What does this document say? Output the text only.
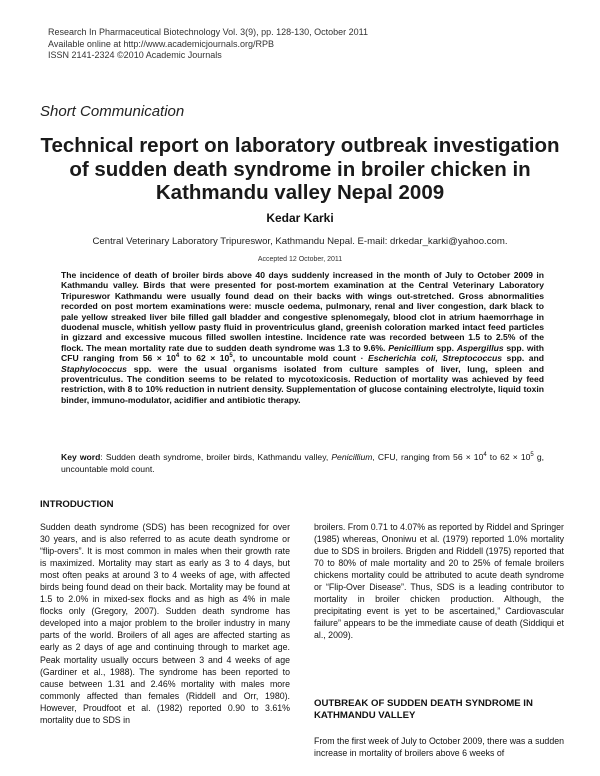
Research In Pharmaceutical Biotechnology Vol. 3(9), pp. 128-130, October 2011
Available online at http://www.academicjournals.org/RPB
ISSN 2141-2324 ©2010 Academic Journals
Short Communication
Technical report on laboratory outbreak investigation of sudden death syndrome in broiler chicken in Kathmandu valley Nepal 2009
Kedar Karki
Central Veterinary Laboratory Tripureswor, Kathmandu Nepal. E-mail: drkedar_karki@yahoo.com.
Accepted 12 October, 2011
The incidence of death of broiler birds above 40 days suddenly increased in the month of July to October 2009 in Kathmandu valley. Birds that were presented for post-mortem examination at the Central Veterinary Laboratory Tripureswor Kathmandu were usually found dead on their backs with wings out-stretched. Gross abnormalities recorded on post mortem examinations were: muscle oedema, pulmonary, renal and liver congestion, dark black to pale yellow streaked liver bile filled gall bladder and congestive splenomegaly, blood clot in atrium haemorrhage in duodenal muscle, whitish yellow pasty fluid in proventriculus gland, greenish coloration marked intact feed particles in gizzard and excessive mucous filled swollen intestine. Incidence rate was recorded between 1.5 to 2.5% of the flock. The mean mortality rate due to sudden death syndrome was 1.3 to 9.6%. Penicillium spp. Aspergillus spp. with CFU ranging from $56 \times 10^4$ to $62 \times 10^5$, to uncountable mold count · Escherichia coli, Streptococcus spp. and Staphylococcus spp. were the usual organisms isolated from culture samples of liver, lung, spleen and proventriculus. The condition seems to be related to mycotoxicosis. Reduction of mortality was achieved by feed restriction, with 8 to 10% reduction in nutrient density. Supplementation of glucose containing electrolyte, liquid toxin binder, immuno-modulator, acidifier and antibiotic therapy.
Key word: Sudden death syndrome, broiler birds, Kathmandu valley, Penicillium, CFU, ranging from $56 \times 10^4$ to $62 \times 10^5$ g, uncountable mold count.
INTRODUCTION
Sudden death syndrome (SDS) has been recognized for over 30 years, and is also referred to as acute death syndrome or “flip-overs”. It is most common in males when their growth rate is maximized. Mortality may start as early as 3 to 4 days, but most often peaks at around 3 to 4 weeks of age, with affected birds being found dead on their back. Mortality may be found at 1.5 to 2.0% in mixed-sex flocks and as high as 4% in male flocks only (Gregory, 2007). Sudden death syndrome has developed into a major problem to the broiler industry in many parts of the world. Broilers of all ages are affected starting as early as 2 days of age and continuing through to market age. Peak mortality usually occurs between 3 and 4 weeks of age (Gardiner et al., 1988). The syndrome has been reported to cause between 1.31 and 2.46% mortality with males more commonly affected than females (Riddell and Orr, 1980). However, Proudfoot et al. (1982) reported 0.90 to 3.61% mortality due to SDS in
broilers. From 0.71 to 4.07% as reported by Riddel and Springer (1985) whereas, Ononiwu et al. (1979) reported 1.0% mortality due to SDS in broilers. Brigden and Riddell (1975) reported that 70 to 80% of male mortality and 20 to 25% of female broilers chickens mortality could be attributed to acute death syndrome or “Flip-Over Disease”. Thus, SDS is a leading contributor to mortality in broiler chicken production. Although, the precipitating event is yet to be ascertained,” Cardiovascular failure” appears to be the immediate cause of death (Siddiqui et al., 2009).
OUTBREAK OF SUDDEN DEATH SYNDROME IN KATHMANDU VALLEY
From the first week of July to October 2009, there was a sudden increase in mortality of broilers above 6 weeks of
